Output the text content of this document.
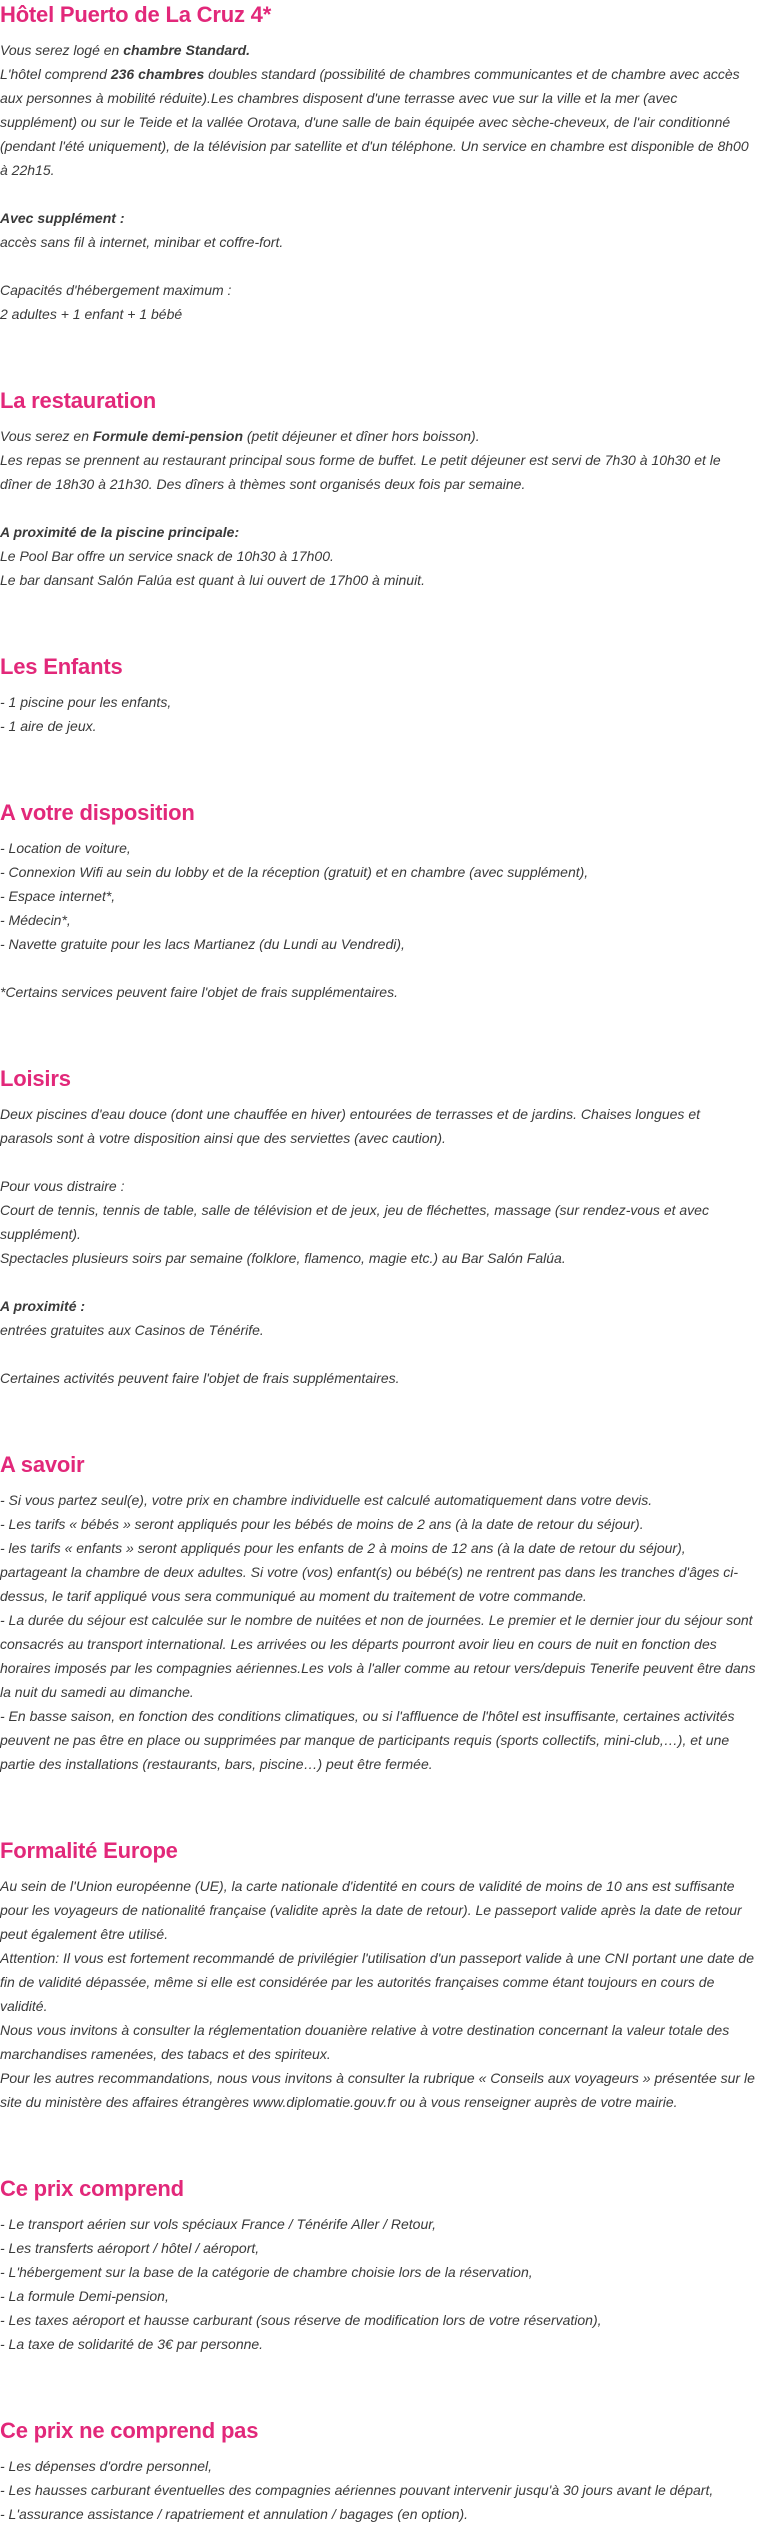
Hôtel Puerto de La Cruz 4*

Vous serez logé en chambre Standard.

L'hôtel comprend 236 chambres doubles standard (possibilité de chambres communicantes et de chambre avec accès aux personnes à mobilité réduite).Les chambres disposent d'une terrasse avec vue sur la ville et la mer (avec supplément) ou sur le Teide et la vallée Orotava, d'une salle de bain équipée avec sèche-cheveux, de l'air conditionné (pendant l'été uniquement), de la télévision par satellite et d'un téléphone. Un service en chambre est disponible de 8h00 à 22h15.

Avec supplément :

accès sans fil à internet, minibar et coffre-fort.

Capacités d'hébergement maximum :

2 adultes + 1 enfant + 1 bébé

La restauration

Vous serez en Formule demi-pension (petit déjeuner et dîner hors boisson).

Les repas se prennent au restaurant principal sous forme de buffet. Le petit déjeuner est servi de 7h30 à 10h30 et le dîner de 18h30 à 21h30. Des dîners à thèmes sont organisés deux fois par semaine.

A proximité de la piscine principale:

Le Pool Bar offre un service snack de 10h30 à 17h00.

Le bar dansant Salón Falúa est quant à lui ouvert de 17h00 à minuit.

Les Enfants

- 1 piscine pour les enfants,

- 1 aire de jeux.

A votre disposition

- Location de voiture,

- Connexion Wifi au sein du lobby et de la réception (gratuit) et en chambre (avec supplément),

- Espace internet*,

- Médecin*,

- Navette gratuite pour les lacs Martianez (du Lundi au Vendredi),

*Certains services peuvent faire l'objet de frais supplémentaires.

Loisirs

Deux piscines d'eau douce (dont une chauffée en hiver) entourées de terrasses et de jardins. Chaises longues et parasols sont à votre disposition ainsi que des serviettes (avec caution).

Pour vous distraire :

Court de tennis, tennis de table, salle de télévision et de jeux, jeu de fléchettes, massage (sur rendez-vous et avec supplément).

Spectacles plusieurs soirs par semaine (folklore, flamenco, magie etc.) au Bar Salón Falúa.

A proximité :

entrées gratuites aux Casinos de Ténérife.

Certaines activités peuvent faire l'objet de frais supplémentaires.

A savoir

- Si vous partez seul(e), votre prix en chambre individuelle est calculé automatiquement dans votre devis.

- Les tarifs « bébés » seront appliqués pour les bébés de moins de 2 ans (à la date de retour du séjour).

- les tarifs « enfants » seront appliqués pour les enfants de 2 à moins de 12 ans (à la date de retour du séjour), partageant la chambre de deux adultes. Si votre (vos) enfant(s) ou bébé(s) ne rentrent pas dans les tranches d'âges ci-dessus, le tarif appliqué vous sera communiqué au moment du traitement de votre commande.

- La durée du séjour est calculée sur le nombre de nuitées et non de journées. Le premier et le dernier jour du séjour sont consacrés au transport international. Les arrivées ou les départs pourront avoir lieu en cours de nuit en fonction des horaires imposés par les compagnies aériennes.Les vols à l'aller comme au retour vers/depuis Tenerife peuvent être dans la nuit du samedi au dimanche.

- En basse saison, en fonction des conditions climatiques, ou si l'affluence de l'hôtel est insuffisante, certaines activités peuvent ne pas être en place ou supprimées par manque de participants requis (sports collectifs, mini-club,…), et une partie des installations (restaurants, bars, piscine…) peut être fermée.

Formalité Europe

Au sein de l'Union européenne (UE), la carte nationale d'identité en cours de validité de moins de 10 ans est suffisante pour les voyageurs de nationalité française (validite après la date de retour). Le passeport valide après la date de retour peut également être utilisé.

Attention: Il vous est fortement recommandé de privilégier l'utilisation d'un passeport valide à une CNI portant une date de fin de validité dépassée, même si elle est considérée par les autorités françaises comme étant toujours en cours de validité.

Nous vous invitons à consulter la réglementation douanière relative à votre destination concernant la valeur totale des marchandises ramenées, des tabacs et des spiriteux.

Pour les autres recommandations, nous vous invitons à consulter la rubrique « Conseils aux voyageurs » présentée sur le site du ministère des affaires étrangères www.diplomatie.gouv.fr ou à vous renseigner auprès de votre mairie.

Ce prix comprend

- Le transport aérien sur vols spéciaux France / Ténérife Aller / Retour,

- Les transferts aéroport / hôtel / aéroport,

- L'hébergement sur la base de la catégorie de chambre choisie lors de la réservation,

- La formule Demi-pension,

- Les taxes aéroport et hausse carburant (sous réserve de modification lors de votre réservation),

- La taxe de solidarité de 3€ par personne.

Ce prix ne comprend pas

- Les dépenses d'ordre personnel,

- Les hausses carburant éventuelles des compagnies aériennes pouvant intervenir jusqu'à 30 jours avant le départ,

- L'assurance assistance / rapatriement et annulation / bagages (en option).
